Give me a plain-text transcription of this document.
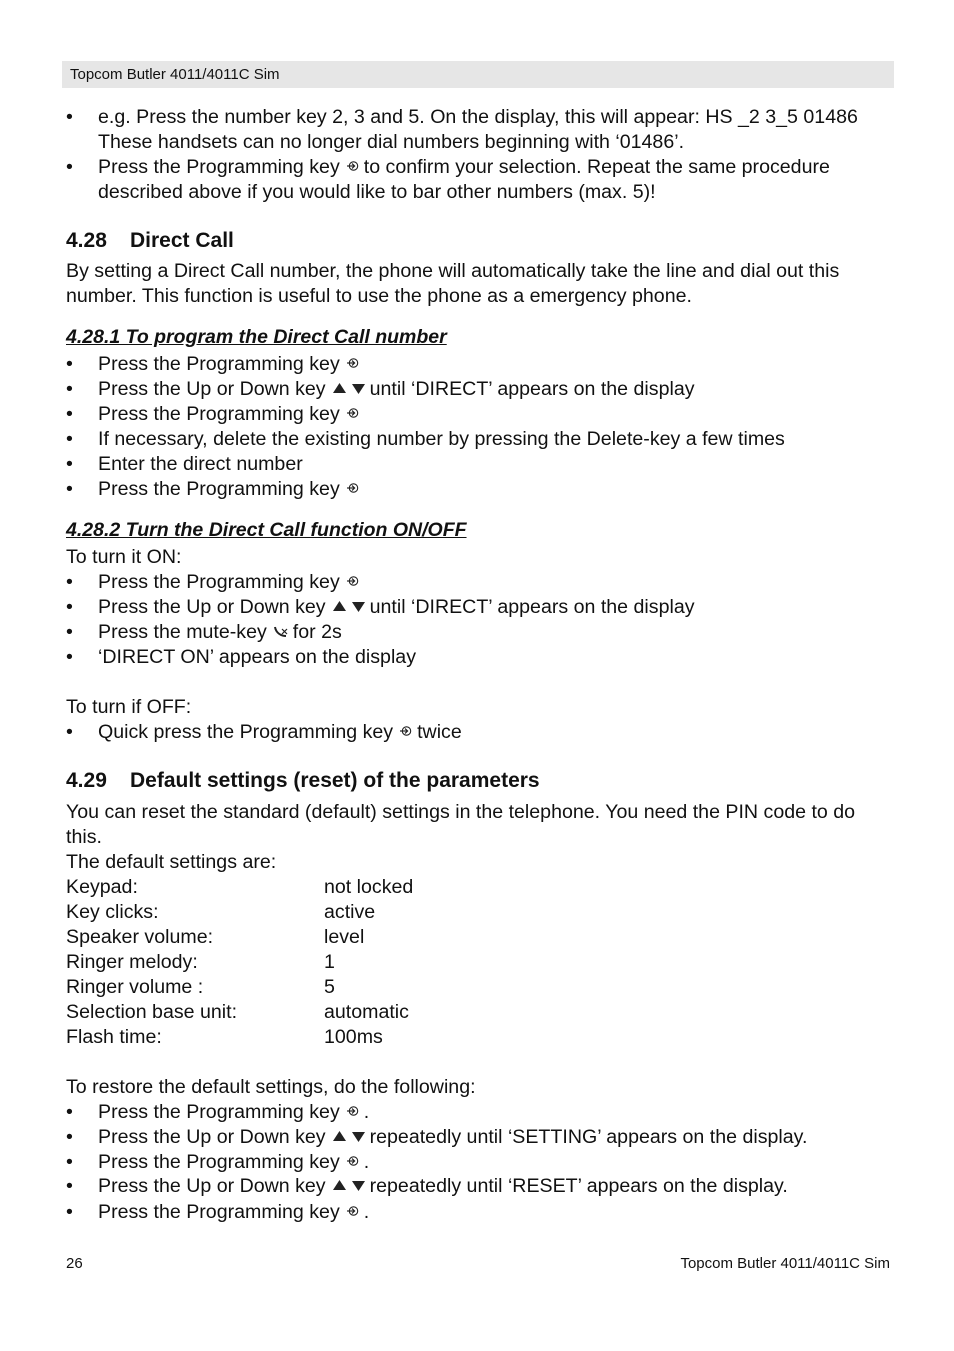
Topcom Butler 4011/4011C Sim
• e.g. Press the number key 2, 3 and 5. On the display, this will appear: HS _2 3_5 01486
These handsets can no longer dial numbers beginning with ‘01486’.
• Press the Programming key to confirm your selection. Repeat the same procedure
described above if you would like to bar other numbers (max. 5)!
4.28 Direct Call
By setting a Direct Call number, the phone will automatically take the line and dial out this
number. This function is useful to use the phone as a emergency phone.
4.28.1 To program the Direct Call number
• Press the Programming key
• Press the Up or Down key until ‘DIRECT’ appears on the display
• Press the Programming key
• If necessary, delete the existing number by pressing the Delete-key a few times
• Enter the direct number
• Press the Programming key
4.28.2 Turn the Direct Call function ON/OFF
To turn it ON:
• Press the Programming key
• Press the Up or Down key until ‘DIRECT’ appears on the display
• Press the mute-key for 2s
• ‘DIRECT ON’ appears on the display
To turn if OFF:
• Quick press the Programming key twice
4.29 Default settings (reset) of the parameters
You can reset the standard (default) settings in the telephone. You need the PIN code to do
this.
The default settings are:
Keypad:	not locked
Key clicks:	active
Speaker volume:	level
Ringer melody:	1
Ringer volume :	5
Selection base unit:	automatic
Flash time:	100ms
To restore the default settings, do the following:
• Press the Programming key .
• Press the Up or Down key repeatedly until ‘SETTING’ appears on the display.
• Press the Programming key .
• Press the Up or Down key repeatedly until ‘RESET’ appears on the display.
• Press the Programming key .
26	Topcom Butler 4011/4011C Sim
